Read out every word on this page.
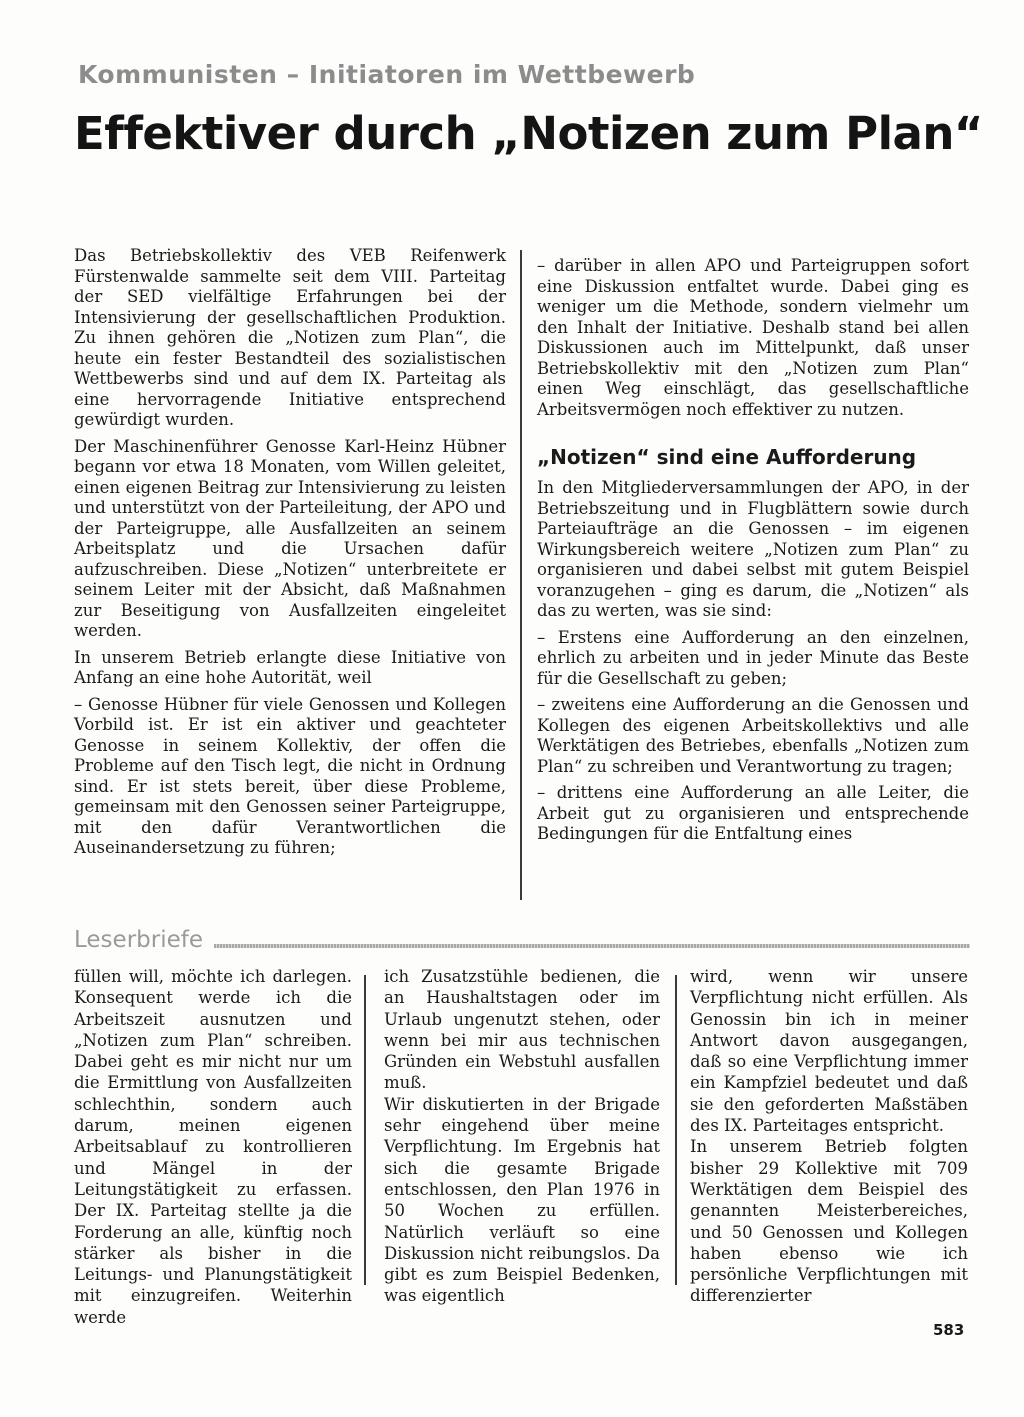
Kommunisten – Initiatoren im Wettbewerb
Effektiver durch „Notizen zum Plan“

Das Betriebskollektiv des VEB Reifenwerk Fürstenwalde sammelte seit dem VIII. Parteitag der SED vielfältige Erfahrungen bei der Intensivierung der gesellschaftlichen Produktion. Zu ihnen gehören die „Notizen zum Plan“, die heute ein fester Bestandteil des sozialistischen Wettbewerbs sind und auf dem IX. Parteitag als eine hervorragende Initiative entsprechend gewürdigt wurden.

Der Maschinenführer Genosse Karl-Heinz Hübner begann vor etwa 18 Monaten, vom Willen geleitet, einen eigenen Beitrag zur Intensivierung zu leisten und unterstützt von der Parteileitung, der APO und der Parteigruppe, alle Ausfallzeiten an seinem Arbeitsplatz und die Ursachen dafür aufzuschreiben. Diese „Notizen“ unterbreitete er seinem Leiter mit der Absicht, daß Maßnahmen zur Beseitigung von Ausfallzeiten eingeleitet werden.

In unserem Betrieb erlangte diese Initiative von Anfang an eine hohe Autorität, weil

– Genosse Hübner für viele Genossen und Kollegen Vorbild ist. Er ist ein aktiver und geachteter Genosse in seinem Kollektiv, der offen die Probleme auf den Tisch legt, die nicht in Ordnung sind. Er ist stets bereit, über diese Probleme, gemeinsam mit den Genossen seiner Parteigruppe, mit den dafür Verantwortlichen die Auseinandersetzung zu führen;

– darüber in allen APO und Parteigruppen sofort eine Diskussion entfaltet wurde. Dabei ging es weniger um die Methode, sondern vielmehr um den Inhalt der Initiative. Deshalb stand bei allen Diskussionen auch im Mittelpunkt, daß unser Betriebskollektiv mit den „Notizen zum Plan“ einen Weg einschlägt, das gesellschaftliche Arbeitsvermögen noch effektiver zu nutzen.

„Notizen“ sind eine Aufforderung

In den Mitgliederversammlungen der APO, in der Betriebszeitung und in Flugblättern sowie durch Parteiaufträge an die Genossen – im eigenen Wirkungsbereich weitere „Notizen zum Plan“ zu organisieren und dabei selbst mit gutem Beispiel voranzugehen – ging es darum, die „Notizen“ als das zu werten, was sie sind:

– Erstens eine Aufforderung an den einzelnen, ehrlich zu arbeiten und in jeder Minute das Beste für die Gesellschaft zu geben;

– zweitens eine Aufforderung an die Genossen und Kollegen des eigenen Arbeitskollektivs und alle Werktätigen des Betriebes, ebenfalls „Notizen zum Plan“ zu schreiben und Verantwortung zu tragen;

– drittens eine Aufforderung an alle Leiter, die Arbeit gut zu organisieren und entsprechende Bedingungen für die Entfaltung eines

Leserbriefe

füllen will, möchte ich darlegen. Konsequent werde ich die Arbeitszeit ausnutzen und „Notizen zum Plan“ schreiben. Dabei geht es mir nicht nur um die Ermittlung von Ausfallzeiten schlechthin, sondern auch darum, meinen eigenen Arbeitsablauf zu kontrollieren und Mängel in der Leitungstätigkeit zu erfassen. Der IX. Parteitag stellte ja die Forderung an alle, künftig noch stärker als bisher in die Leitungs- und Planungstätigkeit mit einzugreifen. Weiterhin werde

ich Zusatzstühle bedienen, die an Haushaltstagen oder im Urlaub ungenutzt stehen, oder wenn bei mir aus technischen Gründen ein Webstuhl ausfallen muß.

Wir diskutierten in der Brigade sehr eingehend über meine Verpflichtung. Im Ergebnis hat sich die gesamte Brigade entschlossen, den Plan 1976 in 50 Wochen zu erfüllen. Natürlich verläuft so eine Diskussion nicht reibungslos. Da gibt es zum Beispiel Bedenken, was eigentlich

wird, wenn wir unsere Verpflichtung nicht erfüllen. Als Genossin bin ich in meiner Antwort davon ausgegangen, daß so eine Verpflichtung immer ein Kampfziel bedeutet und daß sie den geforderten Maßstäben des IX. Parteitages entspricht.

In unserem Betrieb folgten bisher 29 Kollektive mit 709 Werktätigen dem Beispiel des genannten Meisterbereiches, und 50 Genossen und Kollegen haben ebenso wie ich persönliche Verpflichtungen mit differenzierter

583
